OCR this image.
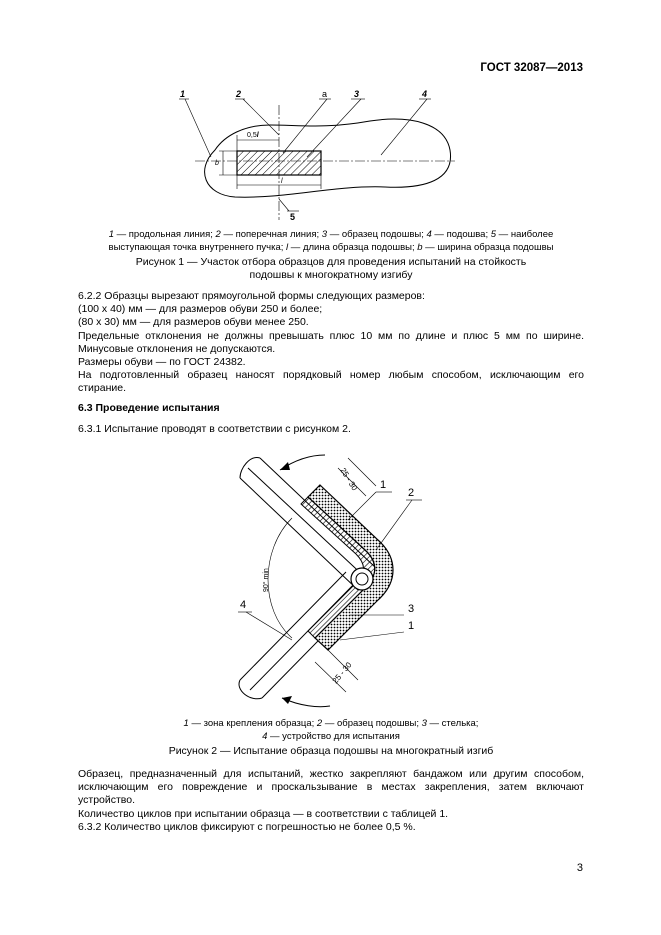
ГОСТ 32087—2013
0,5l
l
b
1	2	a	3	4
5
1 — продольная линия; 2 — поперечная линия; 3 — образец подошвы; 4 — подошва; 5 — наиболее выступающая точка внутреннего пучка; l — длина образца подошвы; b — ширина образца подошвы
Рисунок 1 — Участок отбора образцов для проведения испытаний на стойкость подошвы к многократному изгибу

6.2.2 Образцы вырезают прямоугольной формы следующих размеров:

(100 x 40) мм — для размеров обуви 250 и более;

(80 x 30) мм — для размеров обуви менее 250.

Предельные отклонения не должны превышать плюс 10 мм по длине и плюс 5 мм по ширине. Минусовые отклонения не допускаются.

Размеры обуви — по ГОСТ 24382.

На подготовленный образец наносят порядковый номер любым способом, исключающим его стирание.

6.3 Проведение испытания
6.3.1 Испытание проводят в соответствии с рисунком 2.
90° min
25 - 30
25 - 30
1
2
3
1
4
1 — зона крепления образца; 2 — образец подошвы; 3 — стелька;
4 — устройство для испытания
Рисунок 2 — Испытание образца подошвы на многократный изгиб

Образец, предназначенный для испытаний, жестко закрепляют бандажом или другим способом, исключающим его повреждение и проскальзывание в местах закрепления, затем включают устройство.

Количество циклов при испытании образца — в соответствии с таблицей 1.

6.3.2 Количество циклов фиксируют с погрешностью не более 0,5 %.

3
